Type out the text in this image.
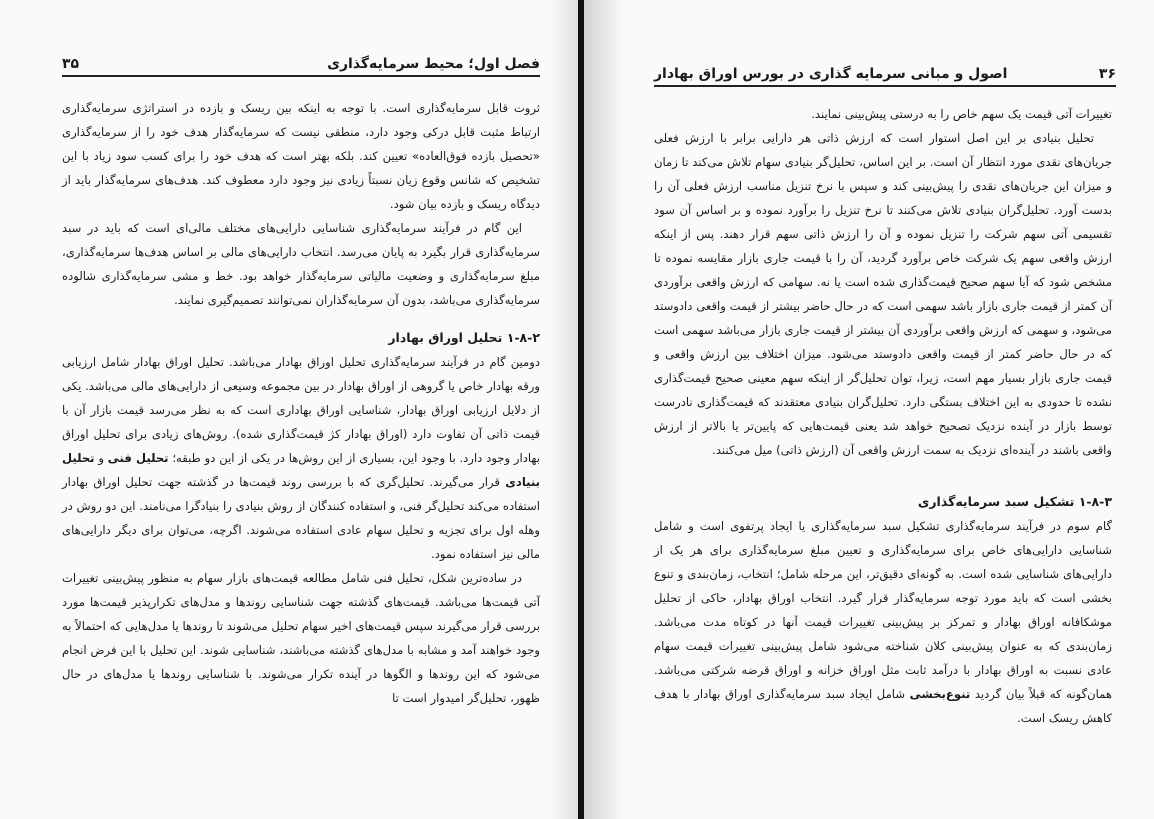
۳۵	فصل اول؛ محیط سرمایه‌گذاری

ثروت قابل سرمایه‌گذاری است. با توجه به اینکه بین ریسک و بازده در استراتژی سرمایه‌گذاری ارتباط مثبت قابل درکی وجود دارد، منطقی نیست که سرمایه‌گذار هدف خود را از سرمایه‌گذاری «تحصیل بازده فوق‌العاده» تعیین کند. بلکه بهتر است که هدف خود را برای کسب سود زیاد با این تشخیص که شانس وقوع زیان نسبتاً زیادی نیز وجود دارد معطوف کند. هدف‌های سرمایه‌گذار باید از دیدگاه ریسک و بازده بیان شود.

این گام در فرآیند سرمایه‌گذاری شناسایی دارایی‌های مختلف مالی‌ای است که باید در سبد سرمایه‌گذاری قرار بگیرد به پایان می‌رسد. انتخاب دارایی‌های مالی بر اساس هدف‌ها سرمایه‌گذاری، مبلغ سرمایه‌گذاری و وضعیت مالیاتی سرمایه‌گذار خواهد بود. خط و مشی سرمایه‌گذاری شالوده سرمایه‌گذاری می‌باشد، بدون آن سرمایه‌گذاران نمی‌توانند تصمیم‌گیری نمایند.

۱-۸-۲ تحلیل اوراق بهادار

دومین گام در فرآیند سرمایه‌گذاری تحلیل اوراق بهادار می‌باشد. تحلیل اوراق بهادار شامل ارزیابی ورقه بهادار خاص یا گروهی از اوراق بهادار در بین مجموعه وسیعی از دارایی‌های مالی می‌باشد. یکی از دلایل ارزیابی اوراق بهادار، شناسایی اوراق بهاداری است که به نظر می‌رسد قیمت بازار آن با قیمت ذاتی آن تفاوت دارد (اوراق بهادار کژ قیمت‌گذاری شده). روش‌های زیادی برای تحلیل اوراق بهادار وجود دارد. با وجود این، بسیاری از این روش‌ها در یکی از این دو طبقه؛ تحلیل فنی و تحلیل بنیادی قرار می‌گیرند. تحلیل‌گری که با بررسی روند قیمت‌ها در گذشته جهت تحلیل اوراق بهادار استفاده می‌کند تحلیل‌گر فنی، و استفاده کنندگان از روش بنیادی را بنیادگرا می‌نامند. این دو روش در وهله اول برای تجزیه و تحلیل سهام عادی استفاده می‌شوند. اگرچه، می‌توان برای دیگر دارایی‌های مالی نیز استفاده نمود.

در ساده‌ترین شکل، تحلیل فنی شامل مطالعه قیمت‌های بازار سهام به منظور پیش‌بینی تغییرات آتی قیمت‌ها می‌باشد. قیمت‌های گذشته جهت شناسایی روندها و مدل‌های تکرارپذیر قیمت‌ها مورد بررسی قرار می‌گیرند سپس قیمت‌های اخیر سهام تحلیل می‌شوند تا روندها یا مدل‌هایی که احتمالاً به وجود خواهند آمد و مشابه با مدل‌های گذشته می‌باشند، شناسایی شوند. این تحلیل با این فرض انجام می‌شود که این روندها و الگوها در آینده تکرار می‌شوند. با شناسایی روندها یا مدل‌های در حال ظهور، تحلیل‌گر امیدوار است تا

اصول و مبانی سرمایه گذاری در بورس اوراق بهادار	۳۶

تغییرات آتی قیمت یک سهم خاص را به درستی پیش‌بینی نمایند.

تحلیل بنیادی بر این اصل استوار است که ارزش ذاتی هر دارایی برابر با ارزش فعلی جریان‌های نقدی مورد انتظار آن است. بر این اساس، تحلیل‌گر بنیادی سهام تلاش می‌کند تا زمان و میزان این جریان‌های نقدی را پیش‌بینی کند و سپس با نرخ تنزیل مناسب ارزش فعلی آن را بدست آورد. تحلیل‌گران بنیادی تلاش می‌کنند تا نرخ تنزیل را برآورد نموده و بر اساس آن سود تقسیمی آتی سهم شرکت را تنزیل نموده و آن را ارزش ذاتی سهم قرار دهند. پس از اینکه ارزش واقعی سهم یک شرکت خاص برآورد گردید، آن را با قیمت جاری بازار مقایسه نموده تا مشخص شود که آیا سهم صحیح قیمت‌گذاری شده است یا نه. سهامی که ارزش واقعی برآوردی آن کمتر از قیمت جاری بازار باشد سهمی است که در حال حاضر بیشتر از قیمت واقعی دادوستد می‌شود، و سهمی که ارزش واقعی برآوردی آن بیشتر از قیمت جاری بازار می‌باشد سهمی است که در حال حاضر کمتر از قیمت واقعی دادوستد می‌شود. میزان اختلاف بین ارزش واقعی و قیمت جاری بازار بسیار مهم است، زیرا، توان تحلیل‌گر از اینکه سهم معینی صحیح قیمت‌گذاری نشده تا حدودی به این اختلاف بستگی دارد. تحلیل‌گران بنیادی معتقدند که قیمت‌گذاری نادرست توسط بازار در آینده نزدیک تصحیح خواهد شد یعنی قیمت‌هایی که پایین‌تر یا بالاتر از ارزش واقعی باشند در آینده‌ای نزدیک به سمت ارزش واقعی آن (ارزش ذاتی) میل می‌کنند.

۱-۸-۳ تشکیل سبد سرمایه‌گذاری

گام سوم در فرآیند سرمایه‌گذاری تشکیل سبد سرمایه‌گذاری یا ایجاد پرتفوی است و شامل شناسایی دارایی‌های خاص برای سرمایه‌گذاری و تعیین مبلغ سرمایه‌گذاری برای هر یک از دارایی‌های شناسایی شده است. به گونه‌ای دقیق‌تر، این مرحله شامل؛ انتخاب، زمان‌بندی و تنوع بخشی است که باید مورد توجه سرمایه‌گذار قرار گیرد. انتخاب اوراق بهادار، حاکی از تحلیل موشکافانه اوراق بهادار و تمرکز بر پیش‌بینی تغییرات قیمت آنها در کوتاه مدت می‌باشد. زمان‌بندی که به عنوان پیش‌بینی کلان شناخته می‌شود شامل پیش‌بینی تغییرات قیمت سهام عادی نسبت به اوراق بهادار با درآمد ثابت مثل اوراق خزانه و اوراق قرضه شرکتی می‌باشد. همان‌گونه که قبلاً بیان گردید تنوع‌بخشی شامل ایجاد سبد سرمایه‌گذاری اوراق بهادار با هدف کاهش ریسک است.
